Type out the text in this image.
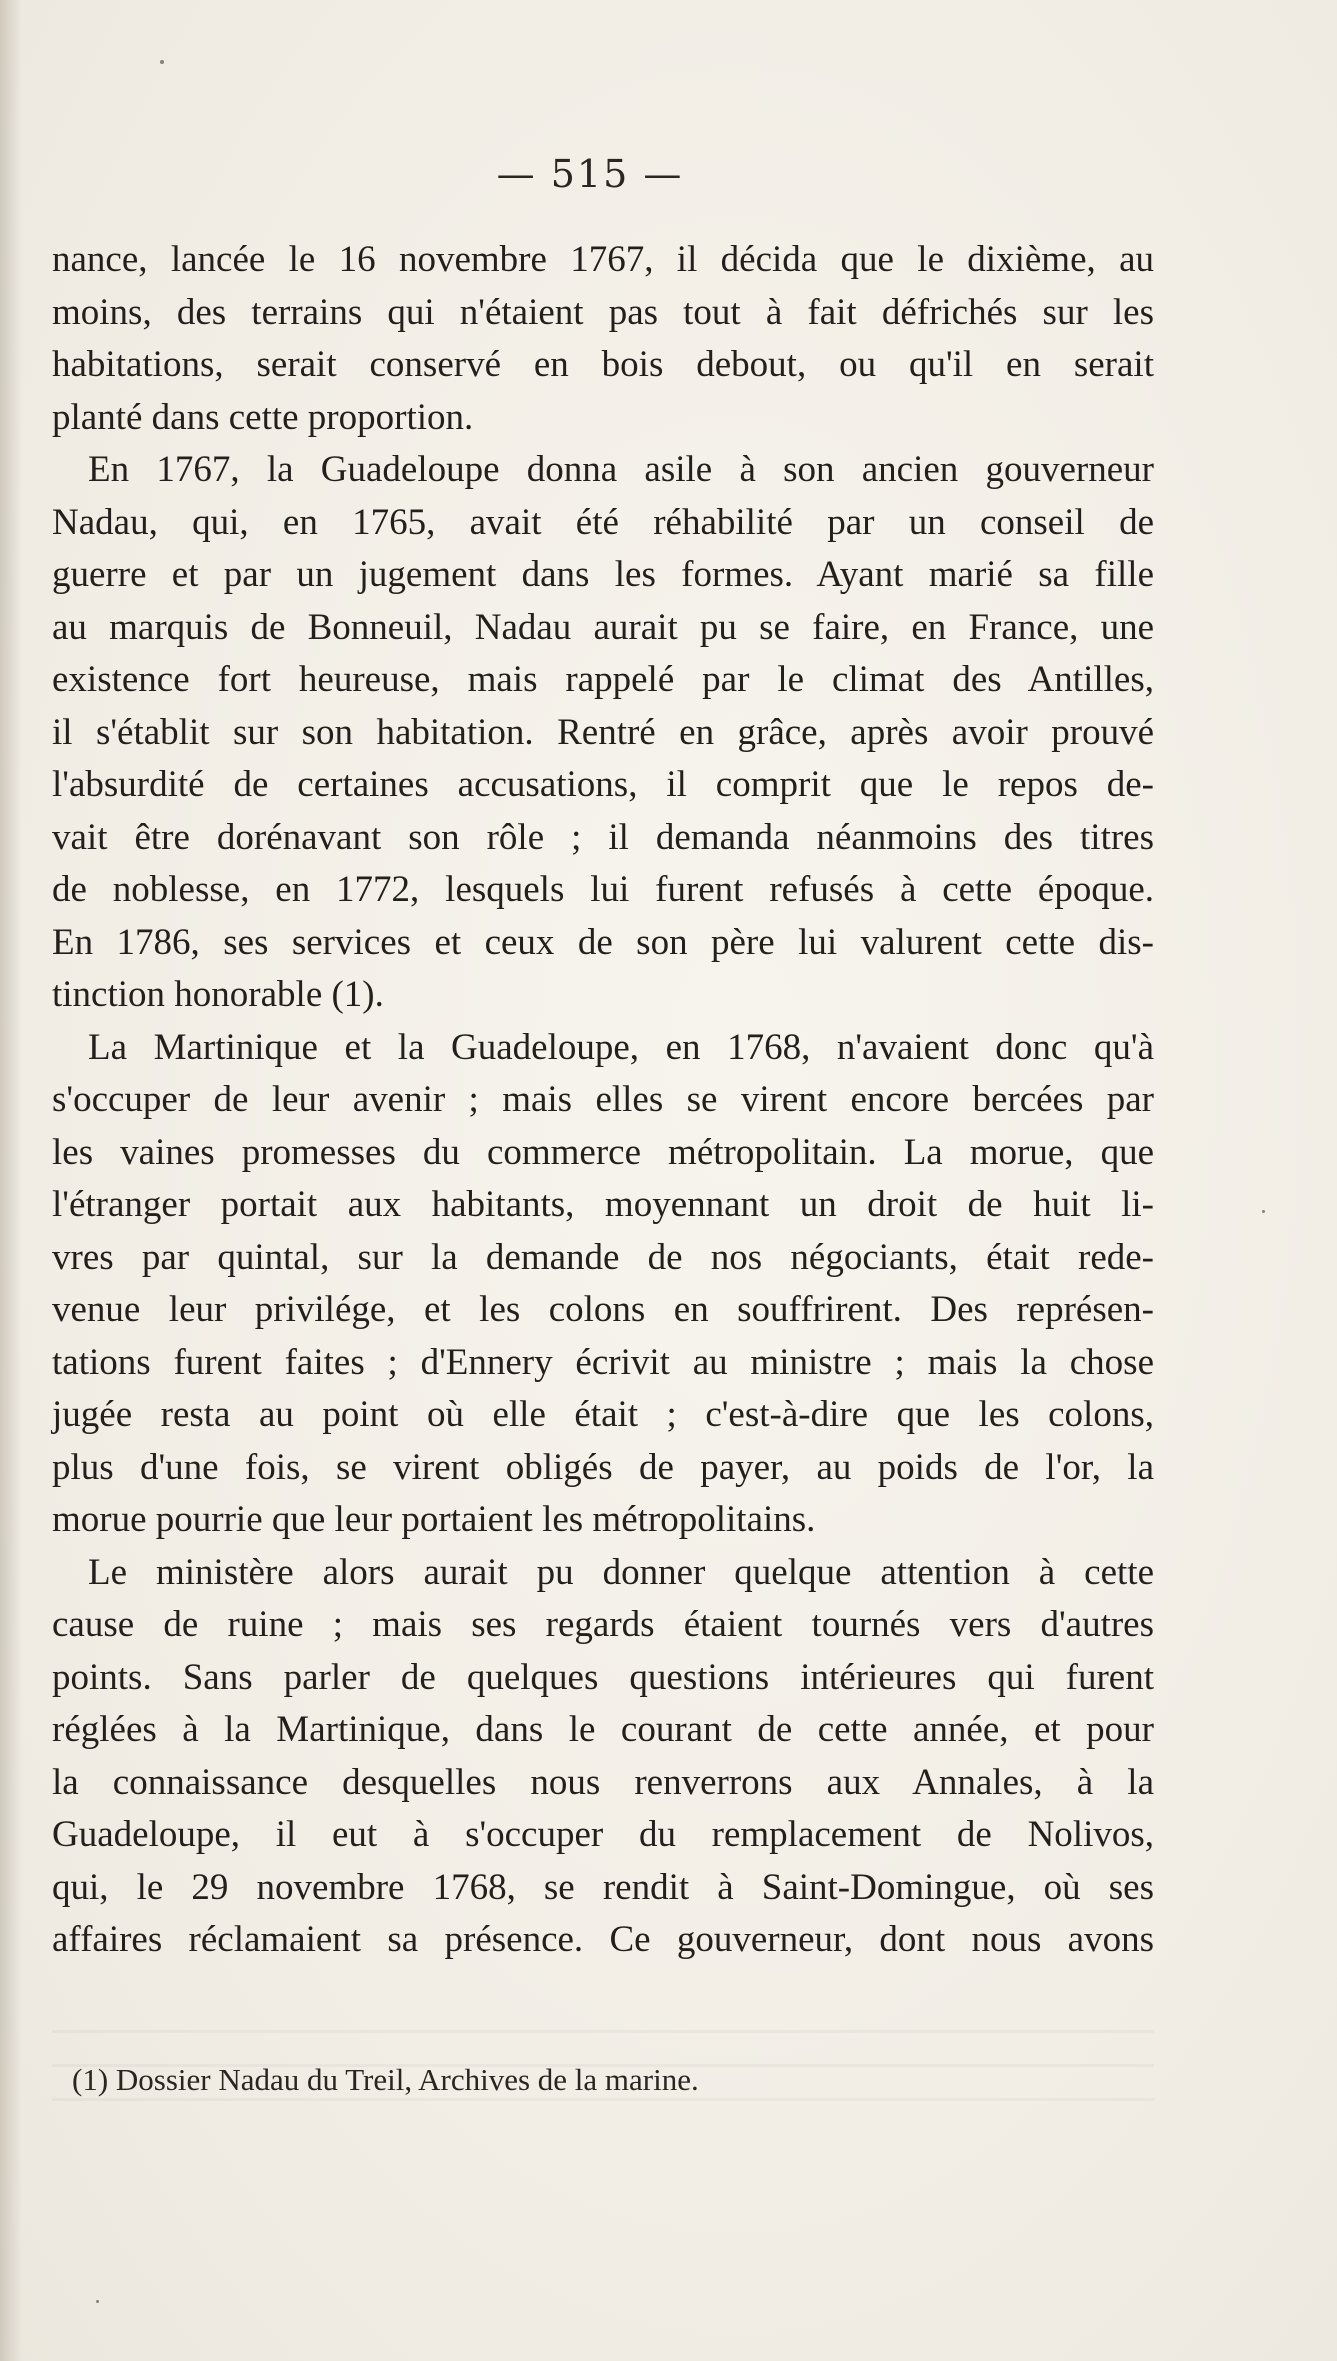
— 515 —
nance, lancée le 16 novembre 1767, il décida que le dixième, au
moins, des terrains qui n'étaient pas tout à fait défrichés sur les
habitations, serait conservé en bois debout, ou qu'il en serait
planté dans cette proportion.
En 1767, la Guadeloupe donna asile à son ancien gouverneur
Nadau, qui, en 1765, avait été réhabilité par un conseil de
guerre et par un jugement dans les formes. Ayant marié sa fille
au marquis de Bonneuil, Nadau aurait pu se faire, en France, une
existence fort heureuse, mais rappelé par le climat des Antilles,
il s'établit sur son habitation. Rentré en grâce, après avoir prouvé
l'absurdité de certaines accusations, il comprit que le repos de-
vait être dorénavant son rôle ; il demanda néanmoins des titres
de noblesse, en 1772, lesquels lui furent refusés à cette époque.
En 1786, ses services et ceux de son père lui valurent cette dis-
tinction honorable (1).
La Martinique et la Guadeloupe, en 1768, n'avaient donc qu'à
s'occuper de leur avenir ; mais elles se virent encore bercées par
les vaines promesses du commerce métropolitain. La morue, que
l'étranger portait aux habitants, moyennant un droit de huit li-
vres par quintal, sur la demande de nos négociants, était rede-
venue leur privilége, et les colons en souffrirent. Des représen-
tations furent faites ; d'Ennery écrivit au ministre ; mais la chose
jugée resta au point où elle était ; c'est-à-dire que les colons,
plus d'une fois, se virent obligés de payer, au poids de l'or, la
morue pourrie que leur portaient les métropolitains.
Le ministère alors aurait pu donner quelque attention à cette
cause de ruine ; mais ses regards étaient tournés vers d'autres
points. Sans parler de quelques questions intérieures qui furent
réglées à la Martinique, dans le courant de cette année, et pour
la connaissance desquelles nous renverrons aux Annales, à la
Guadeloupe, il eut à s'occuper du remplacement de Nolivos,
qui, le 29 novembre 1768, se rendit à Saint-Domingue, où ses
affaires réclamaient sa présence. Ce gouverneur, dont nous avons
(1) Dossier Nadau du Treil, Archives de la marine.
